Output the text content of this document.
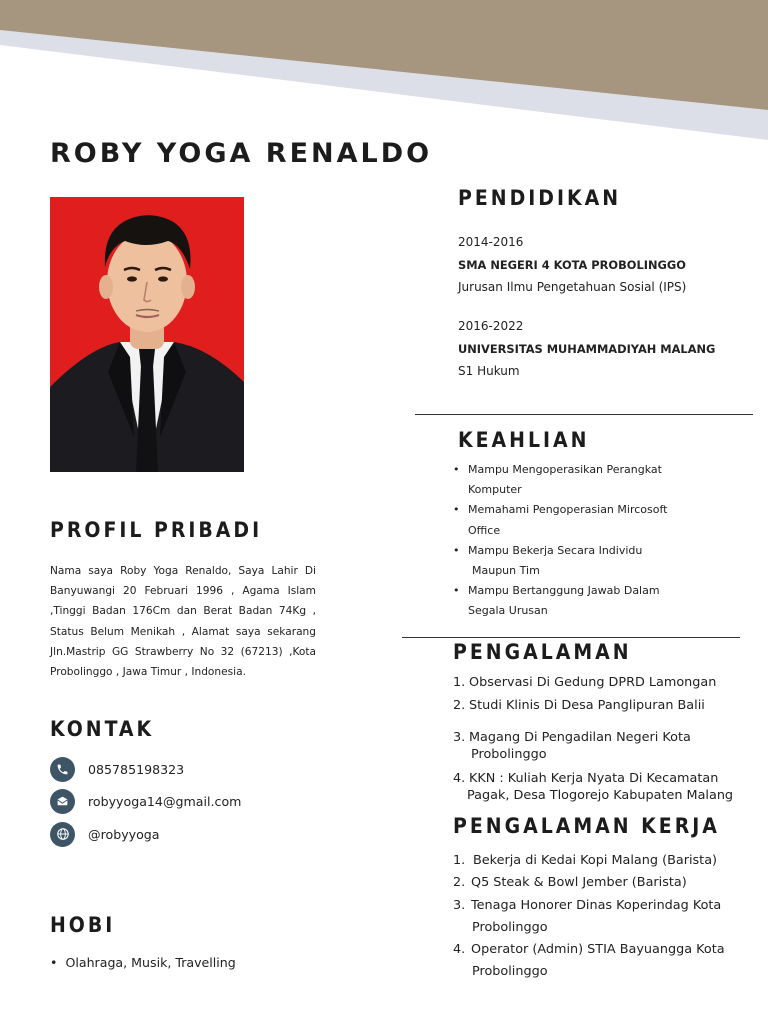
ROBY YOGA RENALDO
PROFIL PRIBADI

Nama saya Roby Yoga Renaldo, Saya Lahir Di Banyuwangi 20 Februari 1996 , Agama Islam ,Tinggi Badan 176Cm dan Berat Badan 74Kg , Status Belum Menikah , Alamat saya sekarang Jln.Mastrip GG Strawberry No 32 (67213) ,Kota Probolinggo , Jawa Timur , Indonesia.

KONTAK
085785198323
robyyoga14@gmail.com
@robyyoga
HOBI
•  Olahraga, Musik, Travelling
PENDIDIKAN
2014-2016
SMA NEGERI 4 KOTA PROBOLINGGO
Jurusan Ilmu Pengetahuan Sosial (IPS)
2016-2022
UNIVERSITAS MUHAMMADIYAH MALANG
S1 Hukum
KEAHLIAN
• Mampu Mengoperasikan Perangkat
Komputer
• Memahami Pengoperasian Mircosoft
Office
• Mampu Bekerja Secara Individu
Maupun Tim
• Mampu Bertanggung Jawab Dalam
Segala Urusan
PENGALAMAN
1. Observasi Di Gedung DPRD Lamongan
2. Studi Klinis Di Desa Panglipuran Balii
3. Magang Di Pengadilan Negeri Kota
Probolinggo
4. KKN : Kuliah Kerja Nyata Di Kecamatan
Pagak, Desa Tlogorejo Kabupaten Malang
PENGALAMAN KERJA
1. Bekerja di Kedai Kopi Malang (Barista)
2. Q5 Steak & Bowl Jember (Barista)
3. Tenaga Honorer Dinas Koperindag Kota
Probolinggo
4. Operator (Admin) STIA Bayuangga Kota
Probolinggo
